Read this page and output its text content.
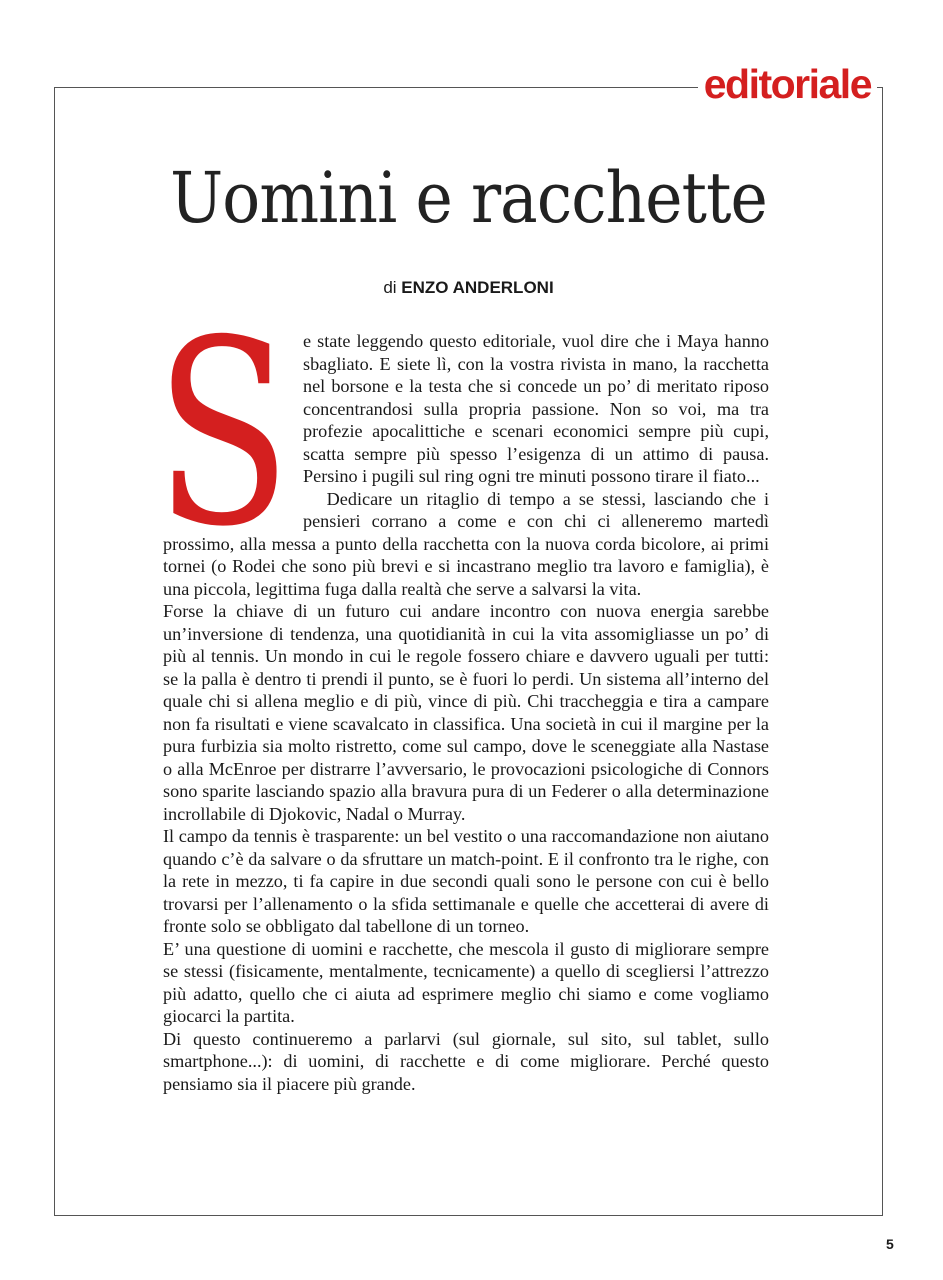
editoriale
Uomini e racchette
di ENZO ANDERLONI
S e state leggendo questo editoriale, vuol dire che i Maya hanno sbagliato. E siete lì, con la vostra rivista in mano, la racchetta nel borsone e la testa che si concede un po’ di meritato riposo concentrandosi sulla propria passione. Non so voi, ma tra profezie apocalittiche e scenari economici sempre più cupi, scatta sempre più spesso l’esigenza di un attimo di pausa. Persino i pugili sul ring ogni tre minuti possono tirare il fiato...

Dedicare un ritaglio di tempo a se stessi, lasciando che i pensieri corrano a come e con chi ci alleneremo martedì prossimo, alla messa a punto della racchetta con la nuova corda bicolore, ai primi tornei (o Rodei che sono più brevi e si incastrano meglio tra lavoro e famiglia), è una piccola, legittima fuga dalla realtà che serve a salvarsi la vita.

Forse la chiave di un futuro cui andare incontro con nuova energia sarebbe un’inversione di tendenza, una quotidianità in cui la vita assomigliasse un po’ di più al tennis. Un mondo in cui le regole fossero chiare e davvero uguali per tutti: se la palla è dentro ti prendi il punto, se è fuori lo perdi. Un sistema all’interno del quale chi si allena meglio e di più, vince di più. Chi traccheggia e tira a campare non fa risultati e viene scavalcato in classifica. Una società in cui il margine per la pura furbizia sia molto ristretto, come sul campo, dove le sceneggiate alla Nastase o alla McEnroe per distrarre l’avversario, le provocazioni psicologiche di Connors sono sparite lasciando spazio alla bravura pura di un Federer o alla determinazione incrollabile di Djokovic, Nadal o Murray.

Il campo da tennis è trasparente: un bel vestito o una raccomandazione non aiutano quando c’è da salvare o da sfruttare un match-point. E il confronto tra le righe, con la rete in mezzo, ti fa capire in due secondi quali sono le persone con cui è bello trovarsi per l’allenamento o la sfida settimanale e quelle che accetterai di avere di fronte solo se obbligato dal tabellone di un torneo.

E’ una questione di uomini e racchette, che mescola il gusto di migliorare sempre se stessi (fisicamente, mentalmente, tecnicamente) a quello di scegliersi l’attrezzo più adatto, quello che ci aiuta ad esprimere meglio chi siamo e come vogliamo giocarci la partita.

Di questo continueremo a parlarvi (sul giornale, sul sito, sul tablet, sullo smartphone...): di uomini, di racchette e di come migliorare. Perché questo pensiamo sia il piacere più grande.

5
